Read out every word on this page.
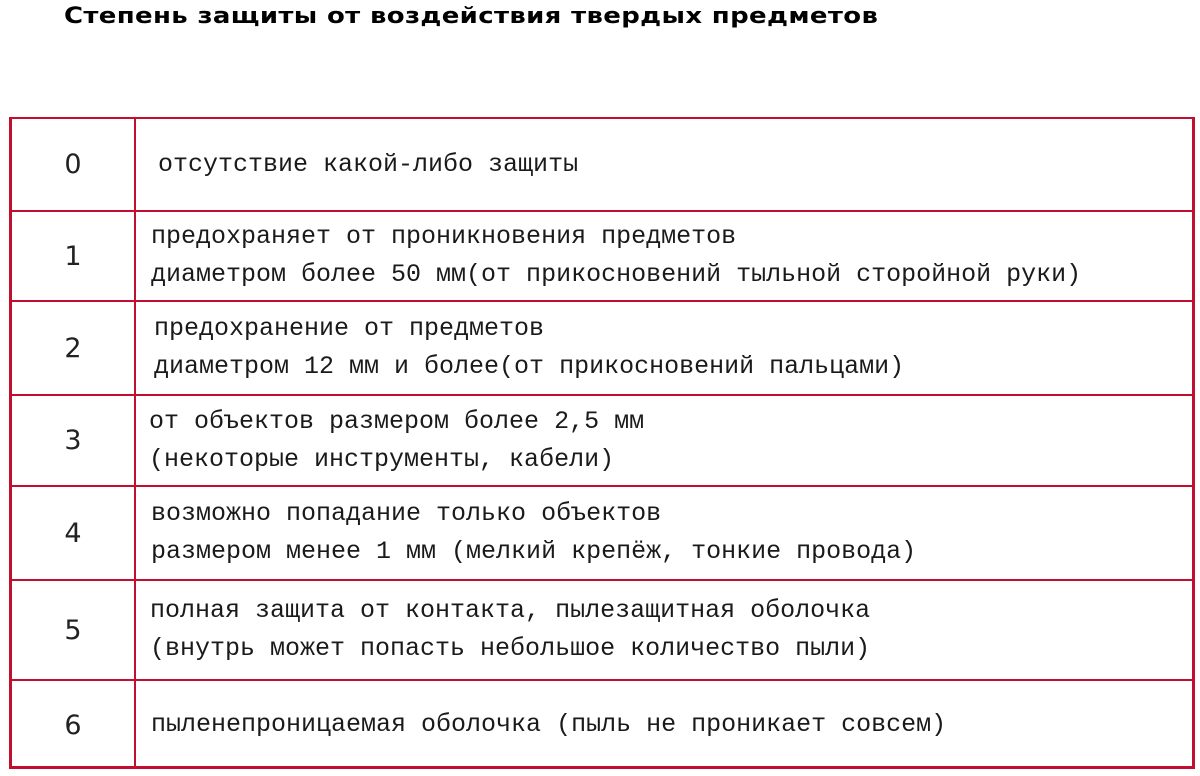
Степень защиты от воздействия твердых предметов
0	отсутствие какой-либо защиты

1	предохраняет от проникновения предметов
диаметром более 50 мм(от прикосновений тыльной сторойной руки)

2	предохранение от предметов
диаметром 12 мм и более(от прикосновений пальцами)

3	от объектов размером более 2,5 мм
(некоторые инструменты, кабели)

4	возможно попадание только объектов
размером менее 1 мм (мелкий крепёж, тонкие провода)

5	полная защита от контакта, пылезащитная оболочка
(внутрь может попасть небольшое количество пыли)

6	пыленепроницаемая оболочка (пыль не проникает совсем)
